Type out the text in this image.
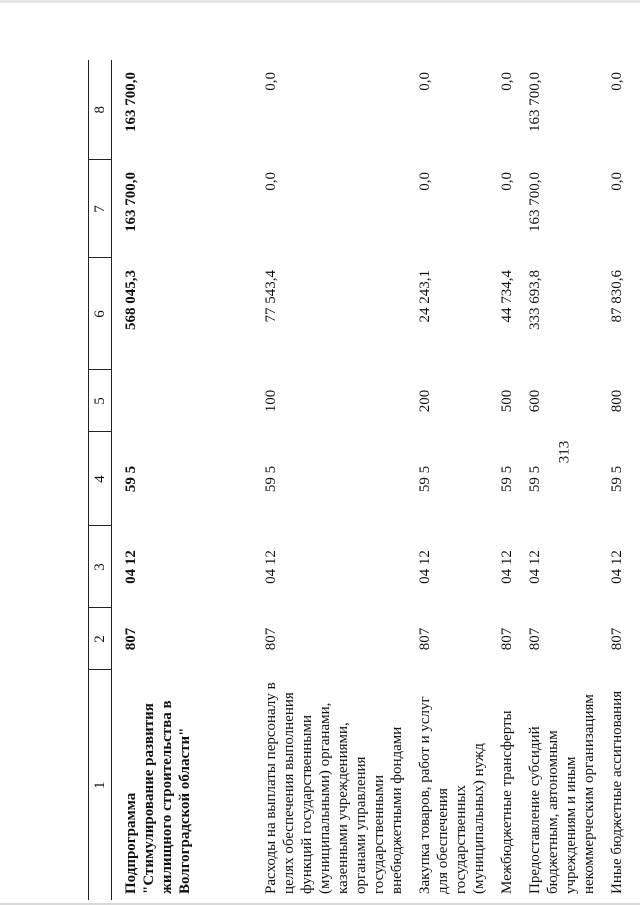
313
1	2	3	4	5	6	7	8
Подпрограмма "Стимулирование развития жилищного строительства в Волгоградской области"	807	04 12	59 5		568 045,3	163 700,0	163 700,0
Расходы на выплаты персоналу в целях обеспечения выполнения функций государственными (муниципальными) органами, казенными учреждениями, органами управления государственными внебюджетными фондами	807	04 12	59 5	100	77 543,4	0,0	0,0
Закупка товаров, работ и услуг для обеспечения государственных (муниципальных) нужд	807	04 12	59 5	200	24 243,1	0,0	0,0
Межбюджетные трансферты	807	04 12	59 5	500	44 734,4	0,0	0,0
Предоставление субсидий бюджетным, автономным учреждениям и иным некоммерческим организациям	807	04 12	59 5	600	333 693,8	163 700,0	163 700,0
Иные бюджетные ассигнования	807	04 12	59 5	800	87 830,6	0,0	0,0
